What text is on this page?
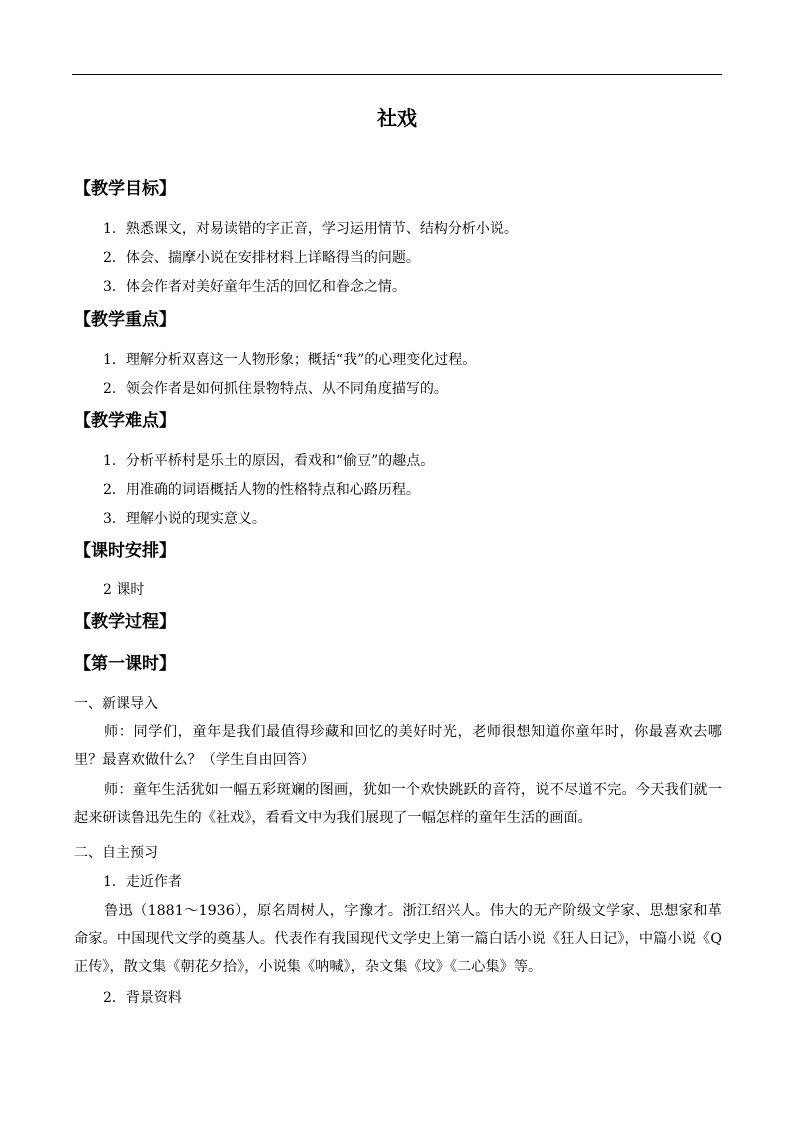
社戏
【教学目标】
1．熟悉课文，对易读错的字正音，学习运用情节、结构分析小说。
2．体会、揣摩小说在安排材料上详略得当的问题。
3．体会作者对美好童年生活的回忆和眷念之情。
【教学重点】
1．理解分析双喜这一人物形象；概括“我”的心理变化过程。
2．领会作者是如何抓住景物特点、从不同角度描写的。
【教学难点】
1．分析平桥村是乐土的原因，看戏和“偷豆”的趣点。
2．用准确的词语概括人物的性格特点和心路历程。
3．理解小说的现实意义。
【课时安排】
2 课时
【教学过程】
【第一课时】
一、新课导入
师：同学们，童年是我们最值得珍藏和回忆的美好时光，老师很想知道你童年时，你最喜欢去哪里？最喜欢做什么？（学生自由回答）
师：童年生活犹如一幅五彩斑斓的图画，犹如一个欢快跳跃的音符，说不尽道不完。今天我们就一起来研读鲁迅先生的《社戏》，看看文中为我们展现了一幅怎样的童年生活的画面。
二、自主预习
1．走近作者
鲁迅（1881～1936），原名周树人，字豫才。浙江绍兴人。伟大的无产阶级文学家、思想家和革命家。中国现代文学的奠基人。代表作有我国现代文学史上第一篇白话小说《狂人日记》，中篇小说《Q 正传》，散文集《朝花夕拾》，小说集《呐喊》，杂文集《坟》《二心集》等。
2．背景资料
